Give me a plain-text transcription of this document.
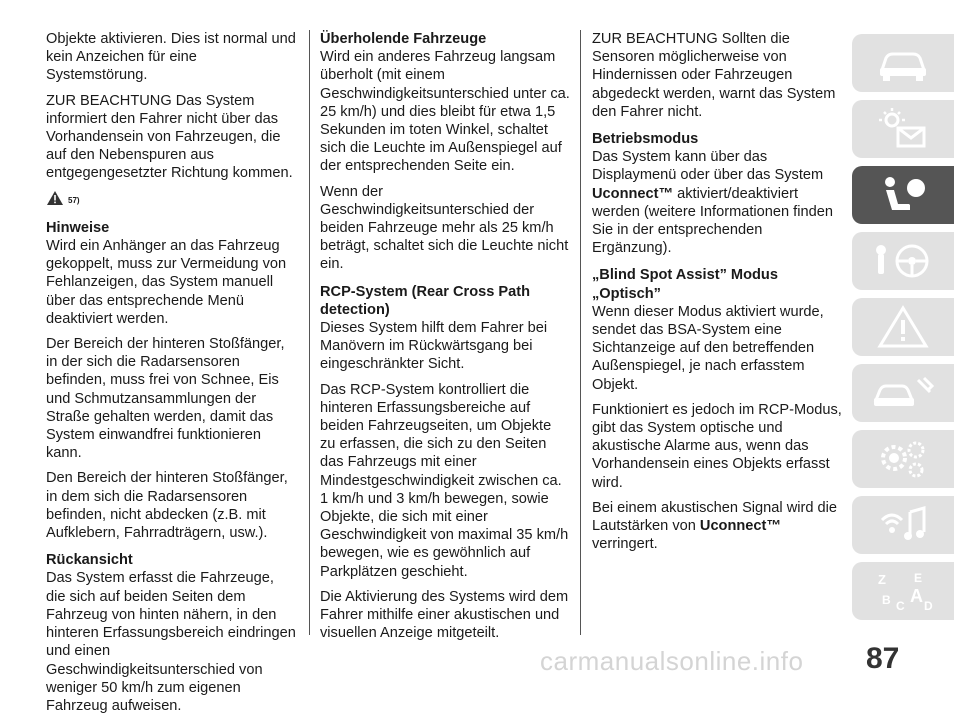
Objekte aktivieren. Dies ist normal und kein Anzeichen für eine Systemstörung.

ZUR BEACHTUNG Das System informiert den Fahrer nicht über das Vorhandensein von Fahrzeugen, die auf den Nebenspuren aus entgegengesetzter Richtung kommen.

$_{57)}$
Hinweise

Wird ein Anhänger an das Fahrzeug gekoppelt, muss zur Vermeidung von Fehlanzeigen, das System manuell über das entsprechende Menü deaktiviert werden.

Der Bereich der hinteren Stoßfänger, in der sich die Radarsensoren befinden, muss frei von Schnee, Eis und Schmutzansammlungen der Straße gehalten werden, damit das System einwandfrei funktionieren kann.

Den Bereich der hinteren Stoßfänger, in dem sich die Radarsensoren befinden, nicht abdecken (z.B. mit Aufklebern, Fahrradträgern, usw.).

Rückansicht

Das System erfasst die Fahrzeuge, die sich auf beiden Seiten dem Fahrzeug von hinten nähern, in den hinteren Erfassungsbereich eindringen und einen Geschwindigkeitsunterschied von weniger 50 km/h zum eigenen Fahrzeug aufweisen.

Überholende Fahrzeuge

Wird ein anderes Fahrzeug langsam überholt (mit einem Geschwindigkeitsunterschied unter ca. 25 km/h) und dies bleibt für etwa 1,5 Sekunden im toten Winkel, schaltet sich die Leuchte im Außenspiegel auf der entsprechenden Seite ein.

Wenn der Geschwindigkeitsunterschied der beiden Fahrzeuge mehr als 25 km/h beträgt, schaltet sich die Leuchte nicht ein.

RCP-System (Rear Cross Path detection)

Dieses System hilft dem Fahrer bei Manövern im Rückwärtsgang bei eingeschränkter Sicht.

Das RCP-System kontrolliert die hinteren Erfassungsbereiche auf beiden Fahrzeugseiten, um Objekte zu erfassen, die sich zu den Seiten das Fahrzeugs mit einer Mindestgeschwindigkeit zwischen ca. 1 km/h und 3 km/h bewegen, sowie Objekte, die sich mit einer Geschwindigkeit von maximal 35 km/h bewegen, wie es gewöhnlich auf Parkplätzen geschieht.

Die Aktivierung des Systems wird dem Fahrer mithilfe einer akustischen und visuellen Anzeige mitgeteilt.

ZUR BEACHTUNG Sollten die Sensoren möglicherweise von Hindernissen oder Fahrzeugen abgedeckt werden, warnt das System den Fahrer nicht.

Betriebsmodus

Das System kann über das Displaymenü oder über das System Uconnect™ aktiviert/deaktiviert werden (weitere Informationen finden Sie in der entsprechenden Ergänzung).

„Blind Spot Assist” Modus „Optisch”

Wenn dieser Modus aktiviert wurde, sendet das BSA-System eine Sichtanzeige auf den betreffenden Außenspiegel, je nach erfasstem Objekt.

Funktioniert es jedoch im RCP-Modus, gibt das System optische und akustische Alarme aus, wenn das Vorhandensein eines Objekts erfasst wird.

Bei einem akustischen Signal wird die Lautstärken von Uconnect™ verringert.

Z E
B C A D
87
carmanualsonline.info
